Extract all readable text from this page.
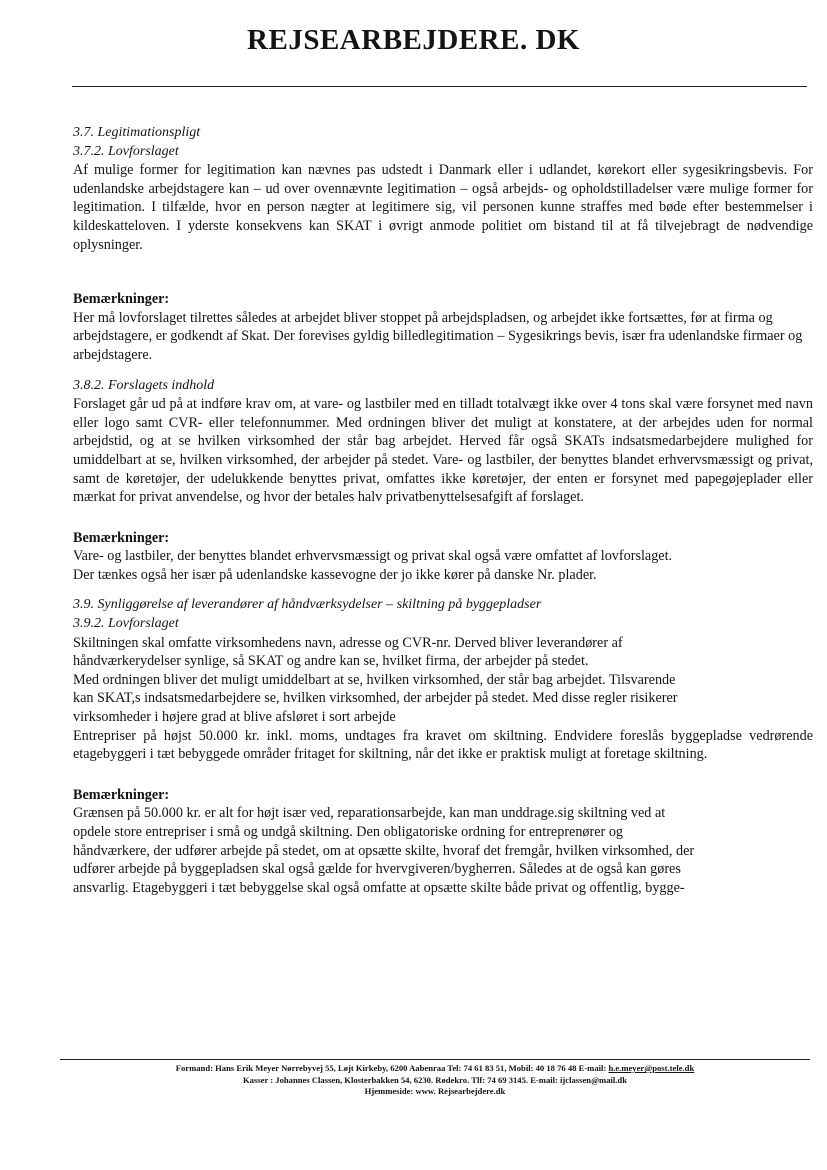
REJSEARBEJDERE. DK

3.7. Legitimationspligt

3.7.2. Lovforslaget

Af mulige former for legitimation kan nævnes pas udstedt i Danmark eller i udlandet, kørekort eller sygesikringsbevis. For udenlandske arbejdstagere kan – ud over ovennævnte legitimation – også arbejds- og opholdstilladelser være mulige former for legitimation. I tilfælde, hvor en person nægter at legitimere sig, vil personen kunne straffes med bøde efter bestemmelser i kildeskatteloven. I yderste konsekvens kan SKAT i øvrigt anmode politiet om bistand til at få tilvejebragt de nødvendige oplysninger.

Bemærkninger:

Her må lovforslaget tilrettes således at arbejdet bliver stoppet på arbejdspladsen, og arbejdet ikke fortsættes, før at firma og arbejdstagere, er godkendt af Skat. Der forevises gyldig billedlegitimation – Sygesikrings bevis, især fra udenlandske firmaer og arbejdstagere.

3.8.2. Forslagets indhold

Forslaget går ud på at indføre krav om, at vare- og lastbiler med en tilladt totalvægt ikke over 4 tons skal være forsynet med navn eller logo samt CVR- eller telefonnummer. Med ordningen bliver det muligt at konstatere, at der arbejdes uden for normal arbejdstid, og at se hvilken virksomhed der står bag arbejdet. Herved får også SKATs indsatsmedarbejdere mulighed for umiddelbart at se, hvilken virksomhed, der arbejder på stedet. Vare- og lastbiler, der benyttes blandet erhvervsmæssigt og privat, samt de køretøjer, der udelukkende benyttes privat, omfattes ikke køretøjer, der enten er forsynet med papegøjeplader eller mærkat for privat anvendelse, og hvor der betales halv privatbenyttelsesafgift af forslaget.

Bemærkninger:

Vare- og lastbiler, der benyttes blandet erhvervsmæssigt og privat skal også være omfattet af lovforslaget.

Der tænkes også her især på udenlandske kassevogne der jo ikke kører på danske Nr. plader.

3.9. Synliggørelse af leverandører af håndværksydelser – skiltning på byggepladser

3.9.2. Lovforslaget

Skiltningen skal omfatte virksomhedens navn, adresse og CVR-nr. Derved bliver leverandører af

håndværkerydelser synlige, så SKAT og andre kan se, hvilket firma, der arbejder på stedet.

Med ordningen bliver det muligt umiddelbart at se, hvilken virksomhed, der står bag arbejdet. Tilsvarende

kan SKAT,s indsatsmedarbejdere se, hvilken virksomhed, der arbejder på stedet. Med disse regler risikerer

virksomheder i højere grad at blive afsløret i sort arbejde

Entrepriser på højst 50.000 kr. inkl. moms, undtages fra kravet om skiltning. Endvidere foreslås byggepladse vedrørende etagebyggeri i tæt bebyggede områder fritaget for skiltning, når det ikke er praktisk muligt at foretage skiltning.

Bemærkninger:

Grænsen på 50.000 kr. er alt for højt især ved, reparationsarbejde, kan man unddrage.sig skiltning ved at

opdele store entrepriser i små og undgå skiltning. Den obligatoriske ordning for entreprenører og

håndværkere, der udfører arbejde på stedet, om at opsætte skilte, hvoraf det fremgår, hvilken virksomhed, der

udfører arbejde på byggepladsen skal også gælde for hvervgiveren/bygherren. Således at de også kan gøres

ansvarlig. Etagebyggeri i tæt bebyggelse skal også omfatte at opsætte skilte både privat og offentlig, bygge-

Formand: Hans Erik Meyer Nørrebyvej 55, Løjt Kirkeby, 6200 Aabenraa Tel: 74 61 83 51, Mobil: 40 18 76 48 E-mail: h.e.meyer@post.tele.dk

Kasser : Johannes Classen, Klosterbakken 54, 6230. Rødekro. Tlf: 74 69 3145. E-mail: ijclassen@mail.dk

Hjemmeside: www. Rejsearbejdere.dk
